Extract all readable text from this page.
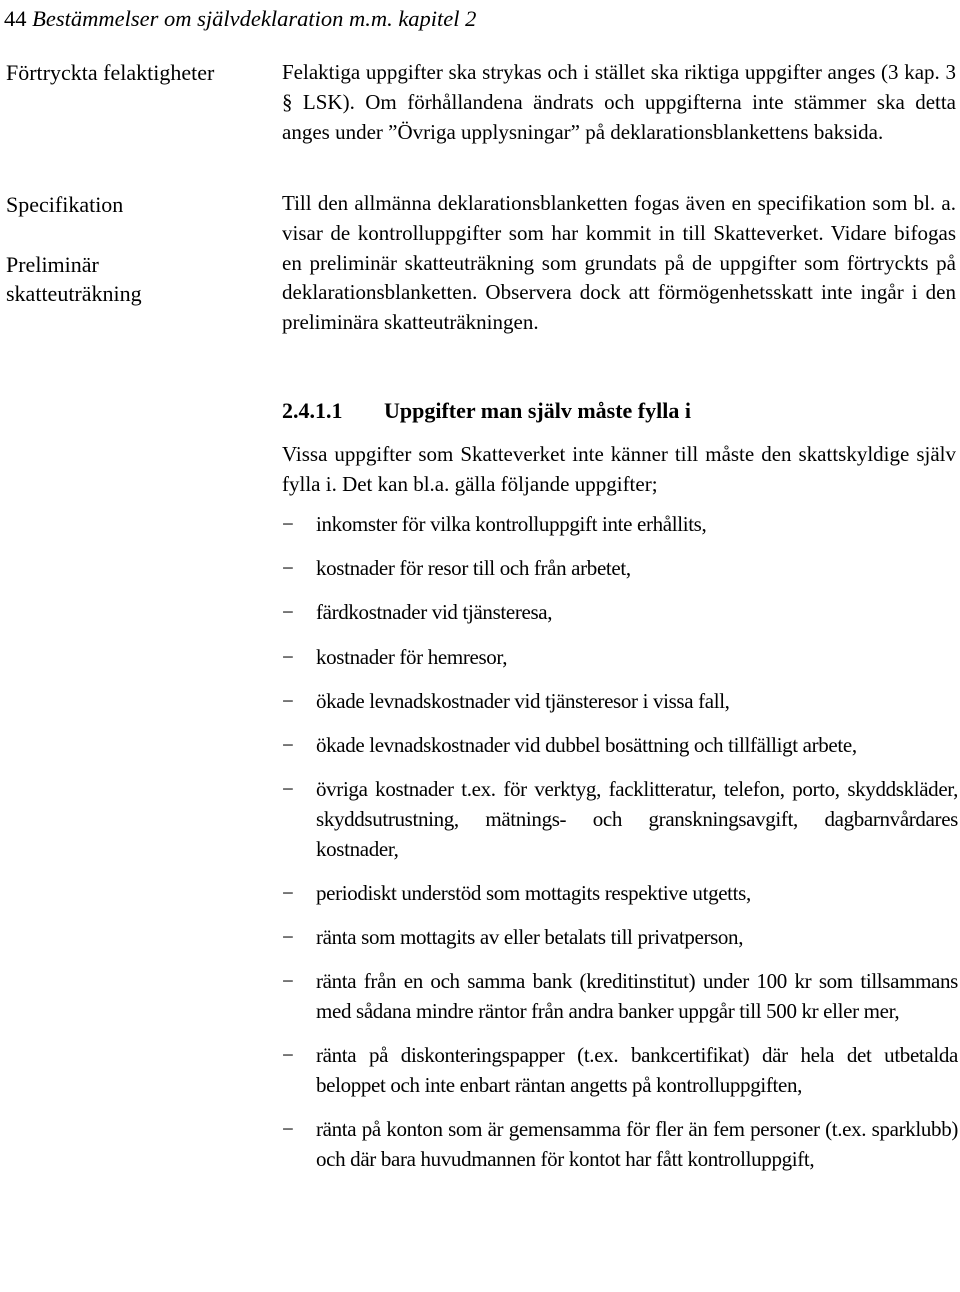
44 Bestämmelser om självdeklaration m.m. kapitel 2
Förtryckta felaktigheter
Specifikation
Preliminär skatteuträkning
Felaktiga uppgifter ska strykas och i stället ska riktiga uppgifter anges (3 kap. 3 § LSK). Om förhållandena ändrats och uppgifterna inte stämmer ska detta anges under ”Övriga upplysningar” på deklarationsblankettens baksida.
Till den allmänna deklarationsblanketten fogas även en specifikation som bl. a. visar de kontrolluppgifter som har kommit in till Skatteverket. Vidare bifogas en preliminär skatteuträkning som grundats på de uppgifter som förtryckts på deklarationsblanketten. Observera dock att förmögenhetsskatt inte ingår i den preliminära skatteuträkningen.
2.4.1.1 Uppgifter man själv måste fylla i
Vissa uppgifter som Skatteverket inte känner till måste den skattskyldige själv fylla i. Det kan bl.a. gälla följande uppgifter;
−	inkomster för vilka kontrolluppgift inte erhållits,
−	kostnader för resor till och från arbetet,
−	färdkostnader vid tjänsteresa,
−	kostnader för hemresor,
−	ökade levnadskostnader vid tjänsteresor i vissa fall,
−	ökade levnadskostnader vid dubbel bosättning och tillfälligt arbete,
−	övriga kostnader t.ex. för verktyg, facklitteratur, telefon, porto, skyddskläder, skyddsutrustning, mätnings- och granskningsavgift, dagbarnvårdares kostnader,
−	periodiskt understöd som mottagits respektive utgetts,
−	ränta som mottagits av eller betalats till privatperson,
−	ränta från en och samma bank (kreditinstitut) under 100 kr som tillsammans med sådana mindre räntor från andra banker uppgår till 500 kr eller mer,
−	ränta på diskonteringspapper (t.ex. bankcertifikat) där hela det utbetalda beloppet och inte enbart räntan angetts på kontrolluppgiften,
−	ränta på konton som är gemensamma för fler än fem personer (t.ex. sparklubb) och där bara huvudmannen för kontot har fått kontrolluppgift,
